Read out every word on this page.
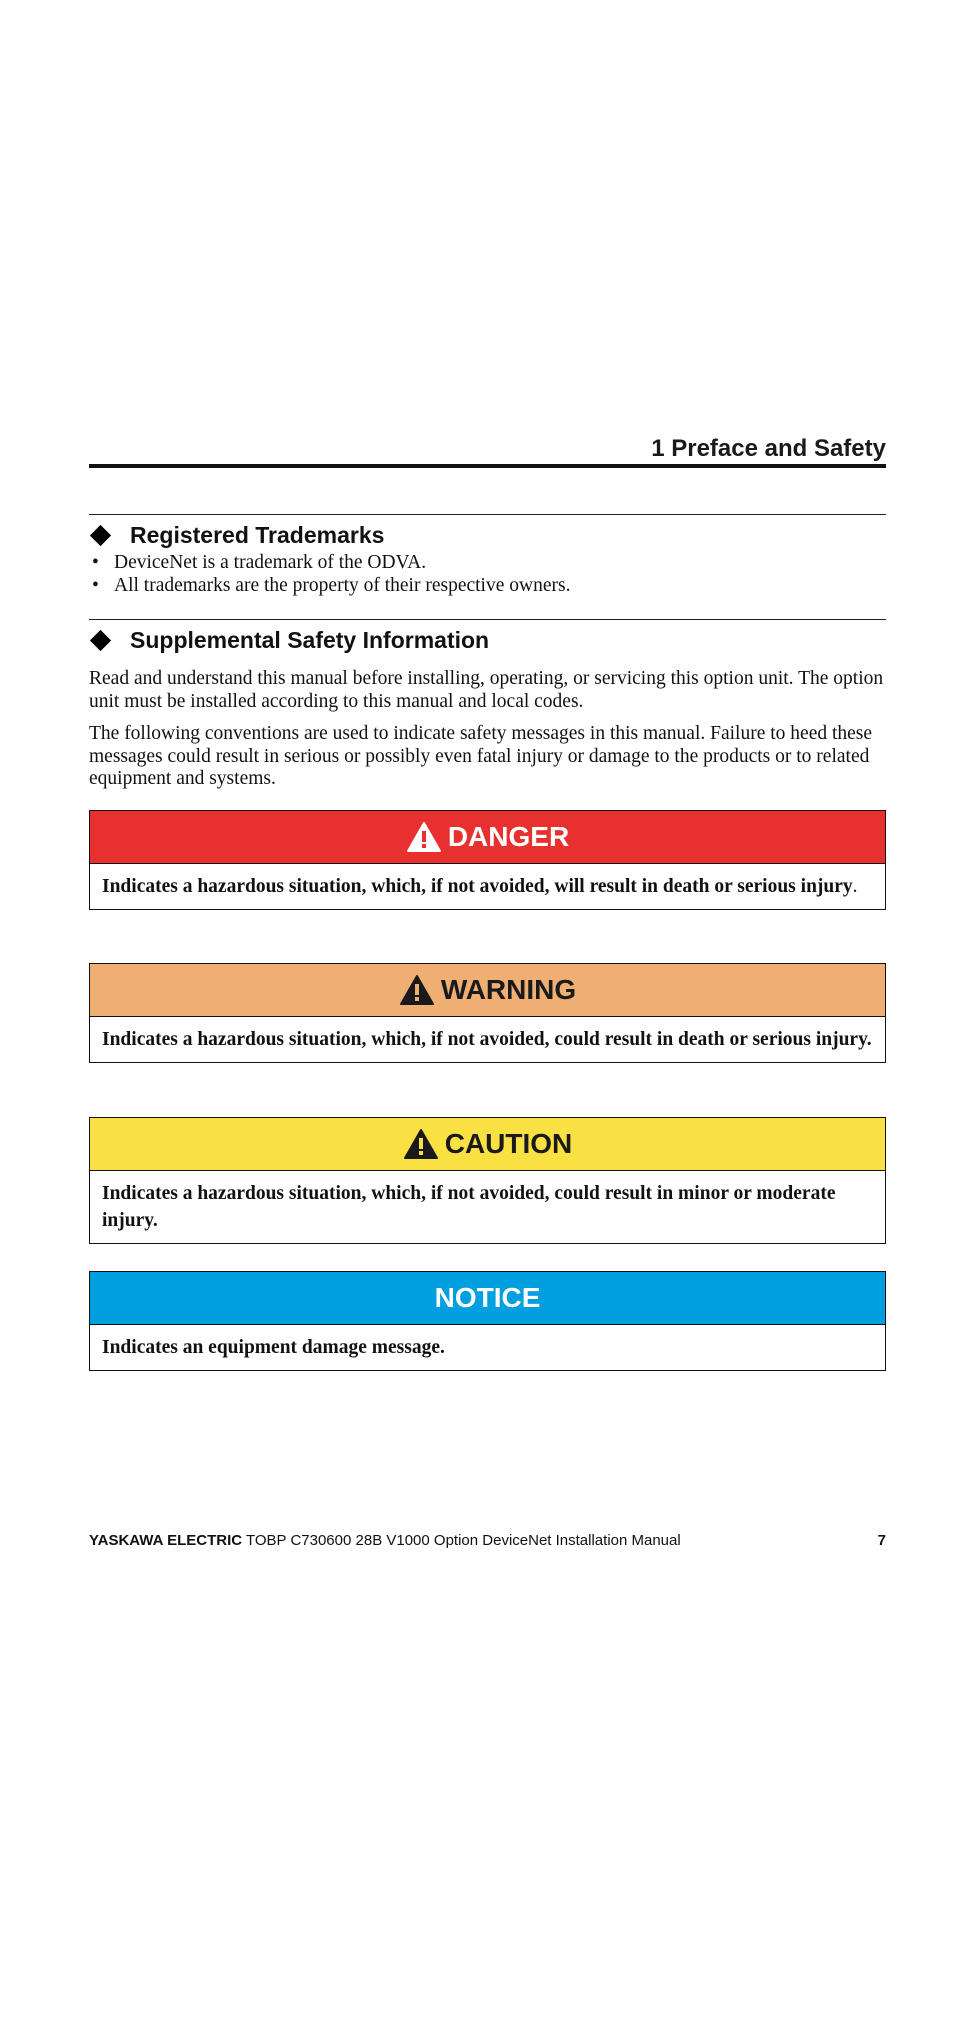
1 Preface and Safety
Registered Trademarks
• DeviceNet is a trademark of the ODVA.
• All trademarks are the property of their respective owners.
Supplemental Safety Information

Read and understand this manual before installing, operating, or servicing this option unit. The option unit must be installed according to this manual and local codes.

The following conventions are used to indicate safety messages in this manual. Failure to heed these messages could result in serious or possibly even fatal injury or damage to the products or to related equipment and systems.

DANGER
Indicates a hazardous situation, which, if not avoided, will result in death or serious injury.
WARNING
Indicates a hazardous situation, which, if not avoided, could result in death or serious injury.
CAUTION
Indicates a hazardous situation, which, if not avoided, could result in minor or moderate injury.
NOTICE
Indicates an equipment damage message.
YASKAWA ELECTRIC TOBP C730600 28B V1000 Option DeviceNet Installation Manual	7
